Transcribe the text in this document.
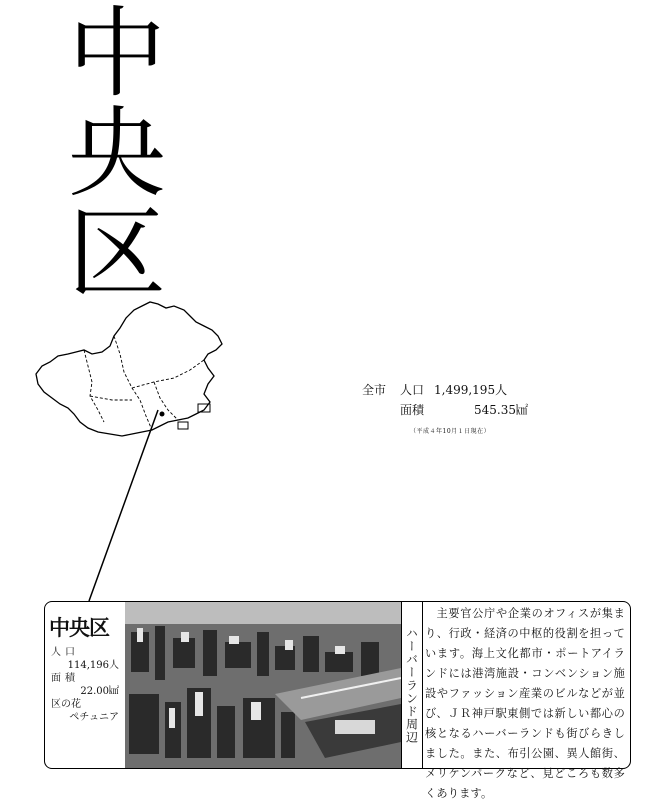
中
央
区
全市	人口 1,499,195人
面積	545.35㎢
（平成４年10月１日現在）
中央区
人口
114,196人
面積
22.00㎢
区の花
ペチュニア	ハーバーランド周辺
主要官公庁や企業のオフィスが集まり、行政・経済の中枢的役割を担っています。海上文化都市・ポートアイランドには港湾施設・コンベンション施設やファッション産業のビルなどが並び、ＪＲ神戸駅東側では新しい都心の核となるハーバーランドも街びらきしました。また、布引公園、異人館街、メリケンパークなど、見どころも数多くあります。
